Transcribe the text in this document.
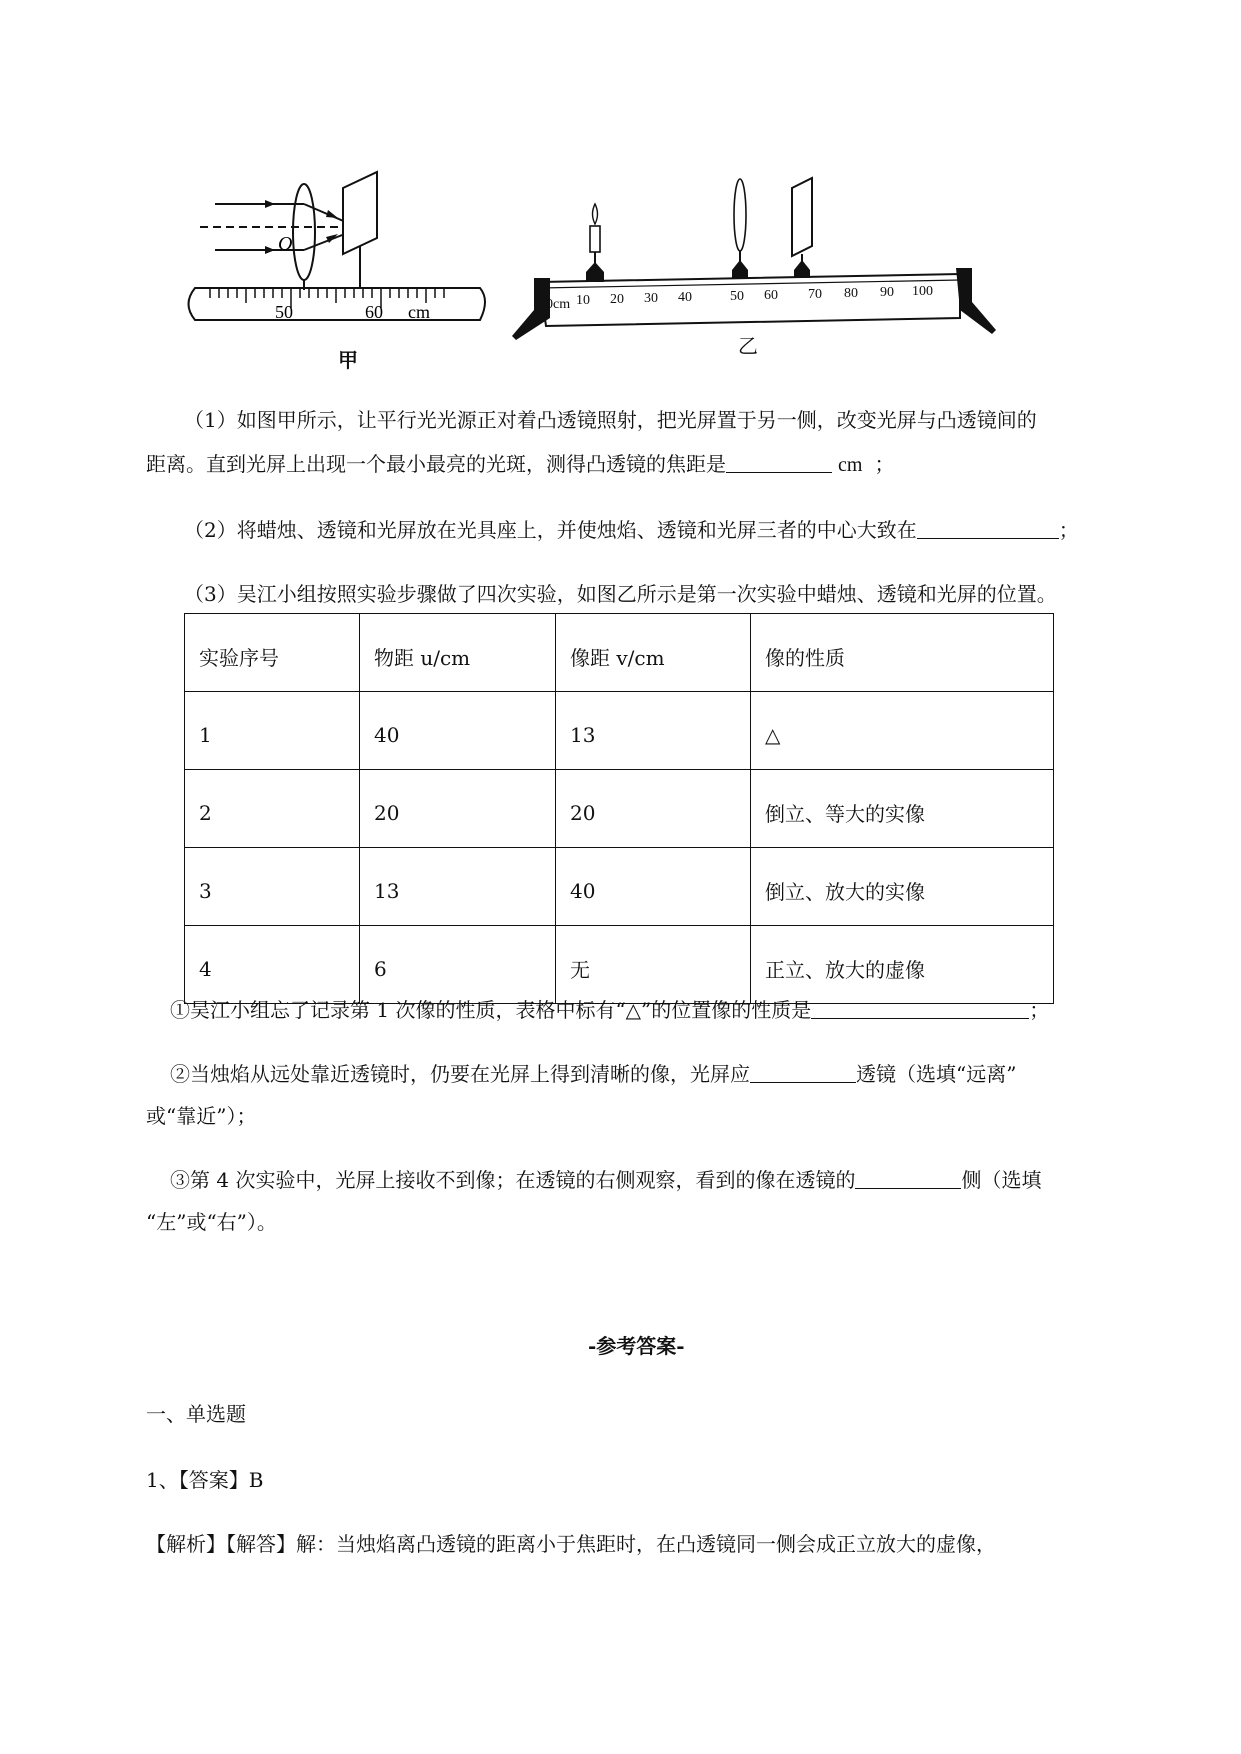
O
50	60 cm
甲
0cm 10 20 30 40	50 60 70 80 90 100
乙
（1）如图甲所示，让平行光光源正对着凸透镜照射，把光屏置于另一侧，改变光屏与凸透镜间的
距离。直到光屏上出现一个最小最亮的光斑，测得凸透镜的焦距是	cm ；
（2）将蜡烛、透镜和光屏放在光具座上，并使烛焰、透镜和光屏三者的中心大致在	；
（3）吴江小组按照实验步骤做了四次实验，如图乙所示是第一次实验中蜡烛、透镜和光屏的位置。
实验序号	物距 u/cm	像距 v/cm	像的性质
1	40	13	△
2	20	20	倒立、等大的实像
3	13	40	倒立、放大的实像
4	6	无	正立、放大的虚像
①吴江小组忘了记录第 1 次像的性质，表格中标有“△”的位置像的性质是	；
②当烛焰从远处靠近透镜时，仍要在光屏上得到清晰的像，光屏应	透镜（选填“远离”
或“靠近”）；
③第 4 次实验中，光屏上接收不到像；在透镜的右侧观察，看到的像在透镜的	侧（选填
“左”或“右”）。
-参考答案-
一、单选题
1、【答案】B
【解析】【解答】解：当烛焰离凸透镜的距离小于焦距时，在凸透镜同一侧会成正立放大的虚像，
